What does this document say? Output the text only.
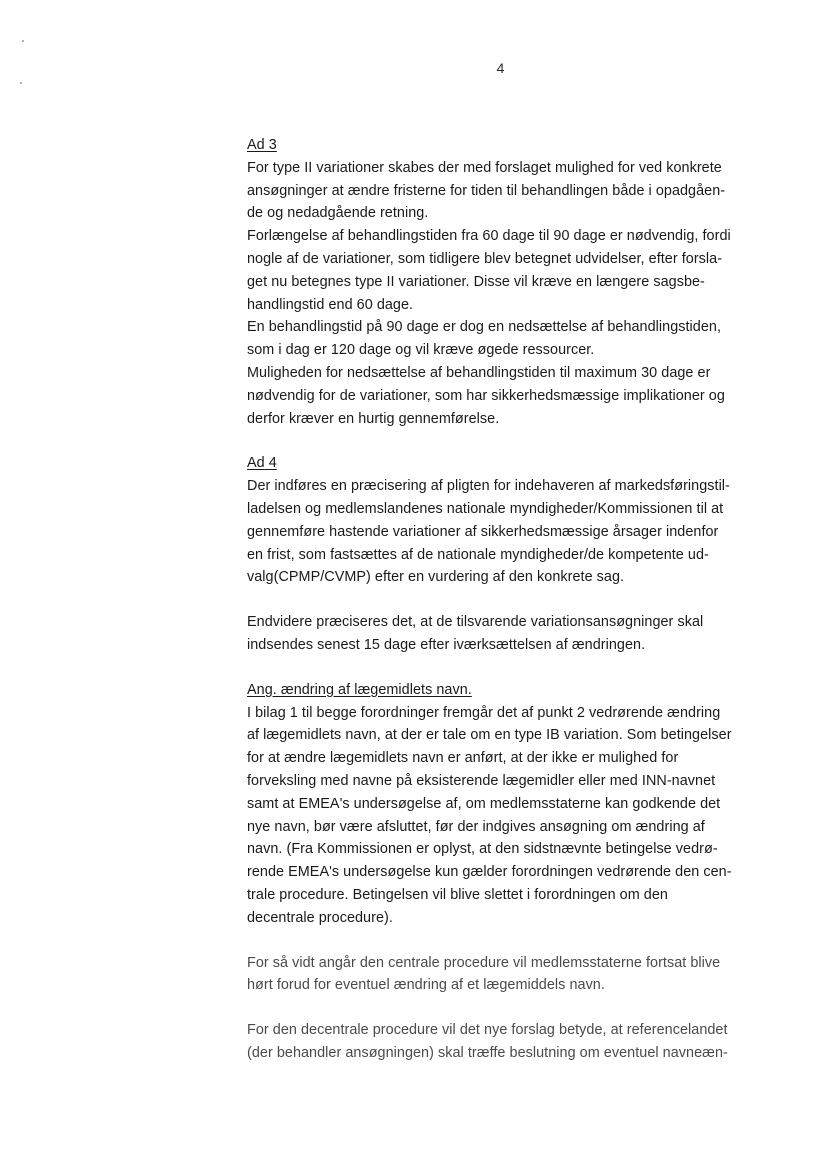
4
Ad 3

For type II variationer skabes der med forslaget mulighed for ved konkrete
ansøgninger at ændre fristerne for tiden til behandlingen både i opadgåen-
de og nedadgående retning.
Forlængelse af behandlingstiden fra 60 dage til 90 dage er nødvendig, fordi
nogle af de variationer, som tidligere blev betegnet udvidelser, efter forsla-
get nu betegnes type II variationer. Disse vil kræve en længere sagsbe-
handlingstid end 60 dage.
En behandlingstid på 90 dage er dog en nedsættelse af behandlingstiden,
som i dag er 120 dage og vil kræve øgede ressourcer.
Muligheden for nedsættelse af behandlingstiden til maximum 30 dage er
nødvendig for de variationer, som har sikkerhedsmæssige implikationer og
derfor kræver en hurtig gennemførelse.

Ad 4

Der indføres en præcisering af pligten for indehaveren af markedsføringstil-
ladelsen og medlemslandenes nationale myndigheder/Kommissionen til at
gennemføre hastende variationer af sikkerhedsmæssige årsager indenfor
en frist, som fastsættes af de nationale myndigheder/de kompetente ud-
valg(CPMP/CVMP) efter en vurdering af den konkrete sag.

Endvidere præciseres det, at de tilsvarende variationsansøgninger skal
indsendes senest 15 dage efter iværksættelsen af ændringen.

Ang. ændring af lægemidlets navn.

I bilag 1 til begge forordninger fremgår det af punkt 2 vedrørende ændring
af lægemidlets navn, at der er tale om en type IB variation. Som betingelser
for at ændre lægemidlets navn er anført, at der ikke er mulighed for
forveksling med navne på eksisterende lægemidler eller med INN-navnet
samt at EMEA's undersøgelse af, om medlemsstaterne kan godkende det
nye navn, bør være afsluttet, før der indgives ansøgning om ændring af
navn. (Fra Kommissionen er oplyst, at den sidstnævnte betingelse vedrø-
rende EMEA's undersøgelse kun gælder forordningen vedrørende den cen-
trale procedure. Betingelsen vil blive slettet i forordningen om den
decentrale procedure).

For så vidt angår den centrale procedure vil medlemsstaterne fortsat blive
hørt forud for eventuel ændring af et lægemiddels navn.

For den decentrale procedure vil det nye forslag betyde, at referencelandet
(der behandler ansøgningen) skal træffe beslutning om eventuel navneæn-
